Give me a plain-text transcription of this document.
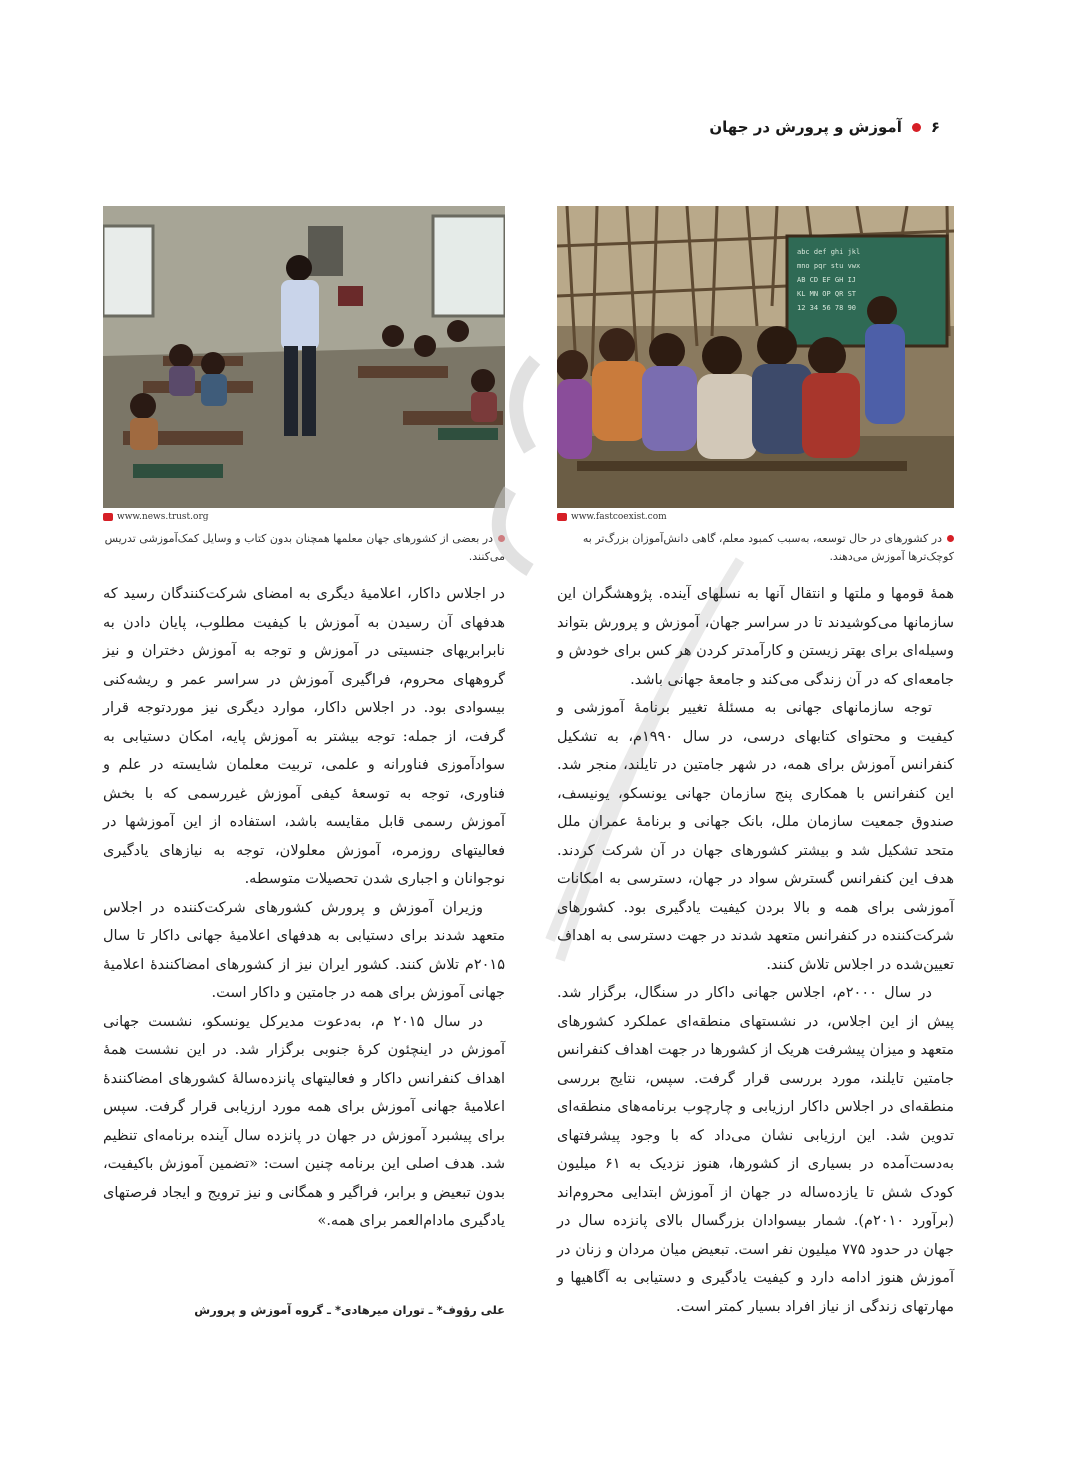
۶
آموزش و پرورش در جهان
abc def ghi jkl
mno pqr stu vwx
AB CD EF GH IJ
KL MN OP QR ST
12 34 56 78 90
www.fastcoexist.com
در کشورهای در حال توسعه، به‌سبب کمبود معلم، گاهی دانش‌آموزان بزرگ‌تر به کوچک‌ترها آموزش می‌دهند.
www.news.trust.org
در بعضی از کشورهای جهان معلمها همچنان بدون کتاب و وسایل کمک‌آموزشی تدریس می‌کنند.

همهٔ قومها و ملتها و انتقال آنها به نسلهای آینده. پژوهشگران این سازمانها می‌کوشیدند تا در سراسر جهان، آموزش و پرورش بتواند وسیله‌ای برای بهتر زیستن و کارآمدتر کردن هر کس برای خودش و جامعه‌ای که در آن زندگی می‌کند و جامعهٔ جهانی باشد.

توجه سازمانهای جهانی به مسئلهٔ تغییر برنامهٔ آموزشی و کیفیت و محتوای کتابهای درسی، در سال ۱۹۹۰م، به تشکیل کنفرانس آموزش برای همه، در شهر جامتین در تایلند، منجر شد. این کنفرانس با همکاری پنج سازمان جهانی یونسکو، یونیسف، صندوق جمعیت سازمان ملل، بانک جهانی و برنامهٔ عمران ملل متحد تشکیل شد و بیشتر کشورهای جهان در آن شرکت کردند. هدف این کنفرانس گسترش سواد در جهان، دسترسی به امکانات آموزشی برای همه و بالا بردن کیفیت یادگیری بود. کشورهای شرکت‌کننده در کنفرانس متعهد شدند در جهت دسترسی به اهداف تعیین‌شده در اجلاس تلاش کنند.

در سال ۲۰۰۰م، اجلاس جهانی داکار در سنگال، برگزار شد. پیش از این اجلاس، در نشستهای منطقه‌ای عملکرد کشورهای متعهد و میزان پیشرفت هریک از کشورها در جهت اهداف کنفرانس جامتین تایلند، مورد بررسی قرار گرفت. سپس، نتایج بررسی منطقه‌ای در اجلاس داکار ارزیابی و چارچوب برنامه‌های منطقه‌ای تدوین شد. این ارزیابی نشان می‌داد که با وجود پیشرفتهای به‌دست‌آمده در بسیاری از کشورها، هنوز نزدیک به ۶۱ میلیون کودک شش تا یازده‌ساله در جهان از آموزش ابتدایی محروم‌اند (برآورد ۲۰۱۰م). شمار بیسوادان بزرگسال بالای پانزده سال در جهان در حدود ۷۷۵ میلیون نفر است. تبعیض میان مردان و زنان در آموزش هنوز ادامه دارد و کیفیت یادگیری و دستیابی به آگاهیها و مهارتهای زندگی از نیاز افراد بسیار کمتر است.

در اجلاس داکار، اعلامیهٔ دیگری به امضای شرکت‌کنندگان رسید که هدفهای آن رسیدن به آموزش با کیفیت مطلوب، پایان دادن به نابرابریهای جنسیتی در آموزش و توجه به آموزش دختران و نیز گروههای محروم، فراگیری آموزش در سراسر عمر و ریشه‌کنی بیسوادی بود. در اجلاس داکار، موارد دیگری نیز موردتوجه قرار گرفت، از جمله: توجه بیشتر به آموزش پایه، امکان دستیابی به سوادآموزی فناورانه و علمی، تربیت معلمان شایسته در علم و فناوری، توجه به توسعهٔ کیفی آموزش غیررسمی که با بخش آموزش رسمی قابل مقایسه باشد، استفاده از این آموزشها در فعالیتهای روزمره، آموزش معلولان، توجه به نیازهای یادگیری نوجوانان و اجباری شدن تحصیلات متوسطه.

وزیران آموزش و پرورش کشورهای شرکت‌کننده در اجلاس متعهد شدند برای دستیابی به هدفهای اعلامیهٔ جهانی داکار تا سال ۲۰۱۵م تلاش کنند. کشور ایران نیز از کشورهای امضاکنندهٔ اعلامیهٔ جهانی آموزش برای همه در جامتین و داکار است.

در سال ۲۰۱۵ م، به‌دعوت مدیرکل یونسکو، نشست جهانی آموزش در اینچئون کرهٔ جنوبی برگزار شد. در این نشست همهٔ اهداف کنفرانس داکار و فعالیتهای پانزده‌سالهٔ کشورهای امضاکنندهٔ اعلامیهٔ جهانی آموزش برای همه مورد ارزیابی قرار گرفت. سپس برای پیشبرد آموزش در جهان در پانزده سال آینده برنامه‌ای تنظیم شد. هدف اصلی این برنامه چنین است: «تضمین آموزش باکیفیت، بدون تبعیض و برابر، فراگیر و همگانی و نیز ترویج و ایجاد فرصتهای یادگیری مادام‌العمر برای همه.»

علی رؤوف* ـ توران میرهادی* ـ گروه آموزش و پرورش
